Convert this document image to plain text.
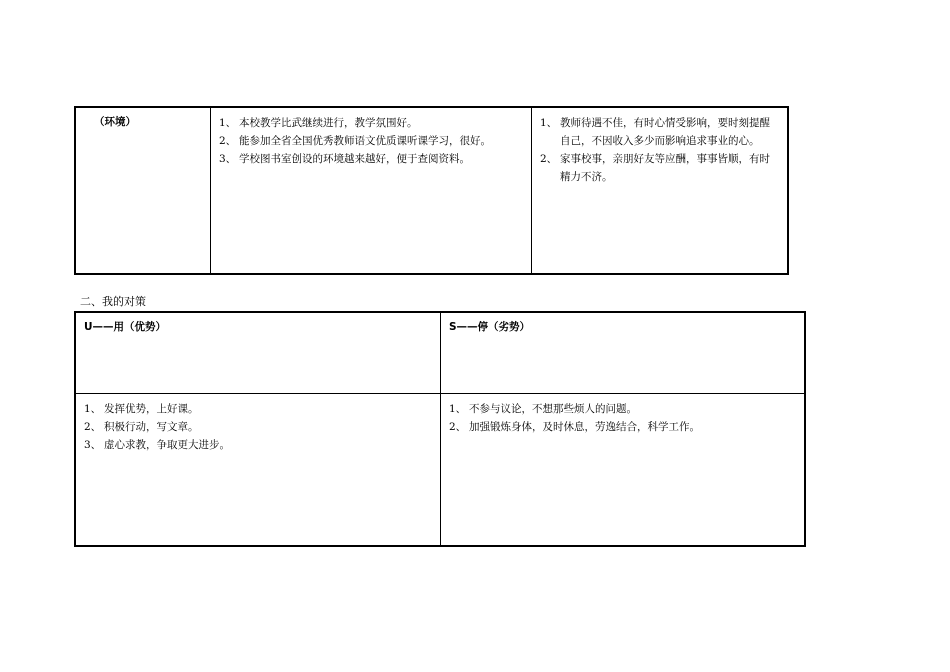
（环境）	1、 本校教学比武继续进行，教学氛围好。
2、 能参加全省全国优秀教师语文优质课听课学习，很好。
3、 学校图书室创设的环境越来越好，便于查阅资料。
1、 教师待遇不佳，有时心情受影响，要时刻提醒自己，不因收入多少而影响追求事业的心。
2、 家事校事，亲朋好友等应酬，事事皆顺，有时精力不济。
二、我的对策
U——用（优势）	S——停（劣势）
1、 发挥优势，上好课。
2、 积极行动，写文章。
3、 虚心求教，争取更大进步。
1、 不参与议论，不想那些烦人的问题。
2、 加强锻炼身体，及时休息，劳逸结合，科学工作。
